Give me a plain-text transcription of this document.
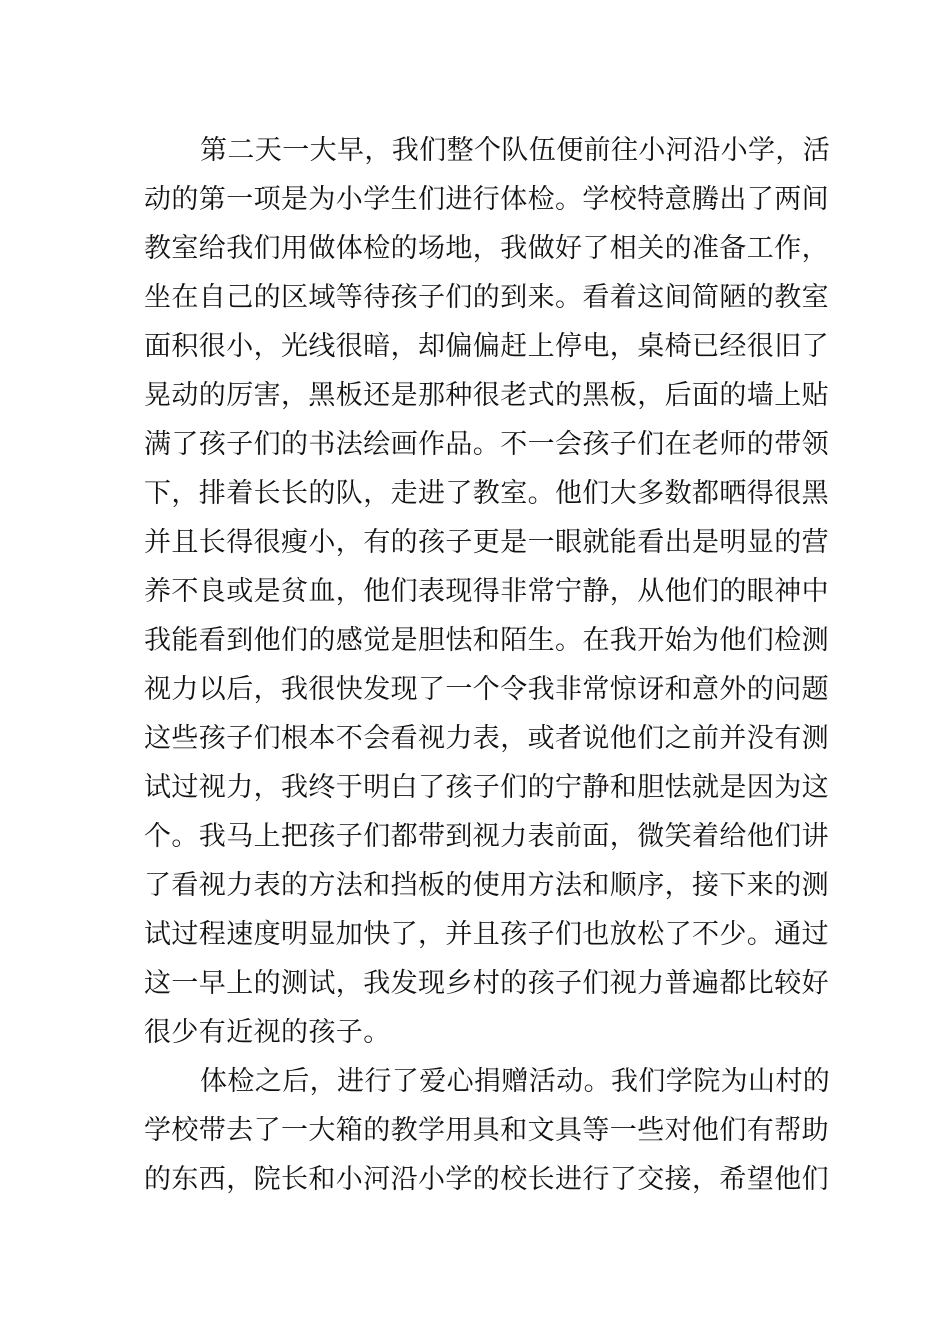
第二天一大早，我们整个队伍便前往小河沿小学，活
动的第一项是为小学生们进行体检。学校特意腾出了两间
教室给我们用做体检的场地，我做好了相关的准备工作，
坐在自己的区域等待孩子们的到来。看着这间简陋的教室
面积很小，光线很暗，却偏偏赶上停电，桌椅已经很旧了
晃动的厉害，黑板还是那种很老式的黑板，后面的墙上贴
满了孩子们的书法绘画作品。不一会孩子们在老师的带领
下，排着长长的队，走进了教室。他们大多数都晒得很黑
并且长得很瘦小，有的孩子更是一眼就能看出是明显的营
养不良或是贫血，他们表现得非常宁静，从他们的眼神中
我能看到他们的感觉是胆怯和陌生。在我开始为他们检测
视力以后，我很快发现了一个令我非常惊讶和意外的问题
这些孩子们根本不会看视力表，或者说他们之前并没有测
试过视力，我终于明白了孩子们的宁静和胆怯就是因为这
个。我马上把孩子们都带到视力表前面，微笑着给他们讲
了看视力表的方法和挡板的使用方法和顺序，接下来的测
试过程速度明显加快了，并且孩子们也放松了不少。通过
这一早上的测试，我发现乡村的孩子们视力普遍都比较好
很少有近视的孩子。
体检之后，进行了爱心捐赠活动。我们学院为山村的
学校带去了一大箱的教学用具和文具等一些对他们有帮助
的东西，院长和小河沿小学的校长进行了交接，希望他们
